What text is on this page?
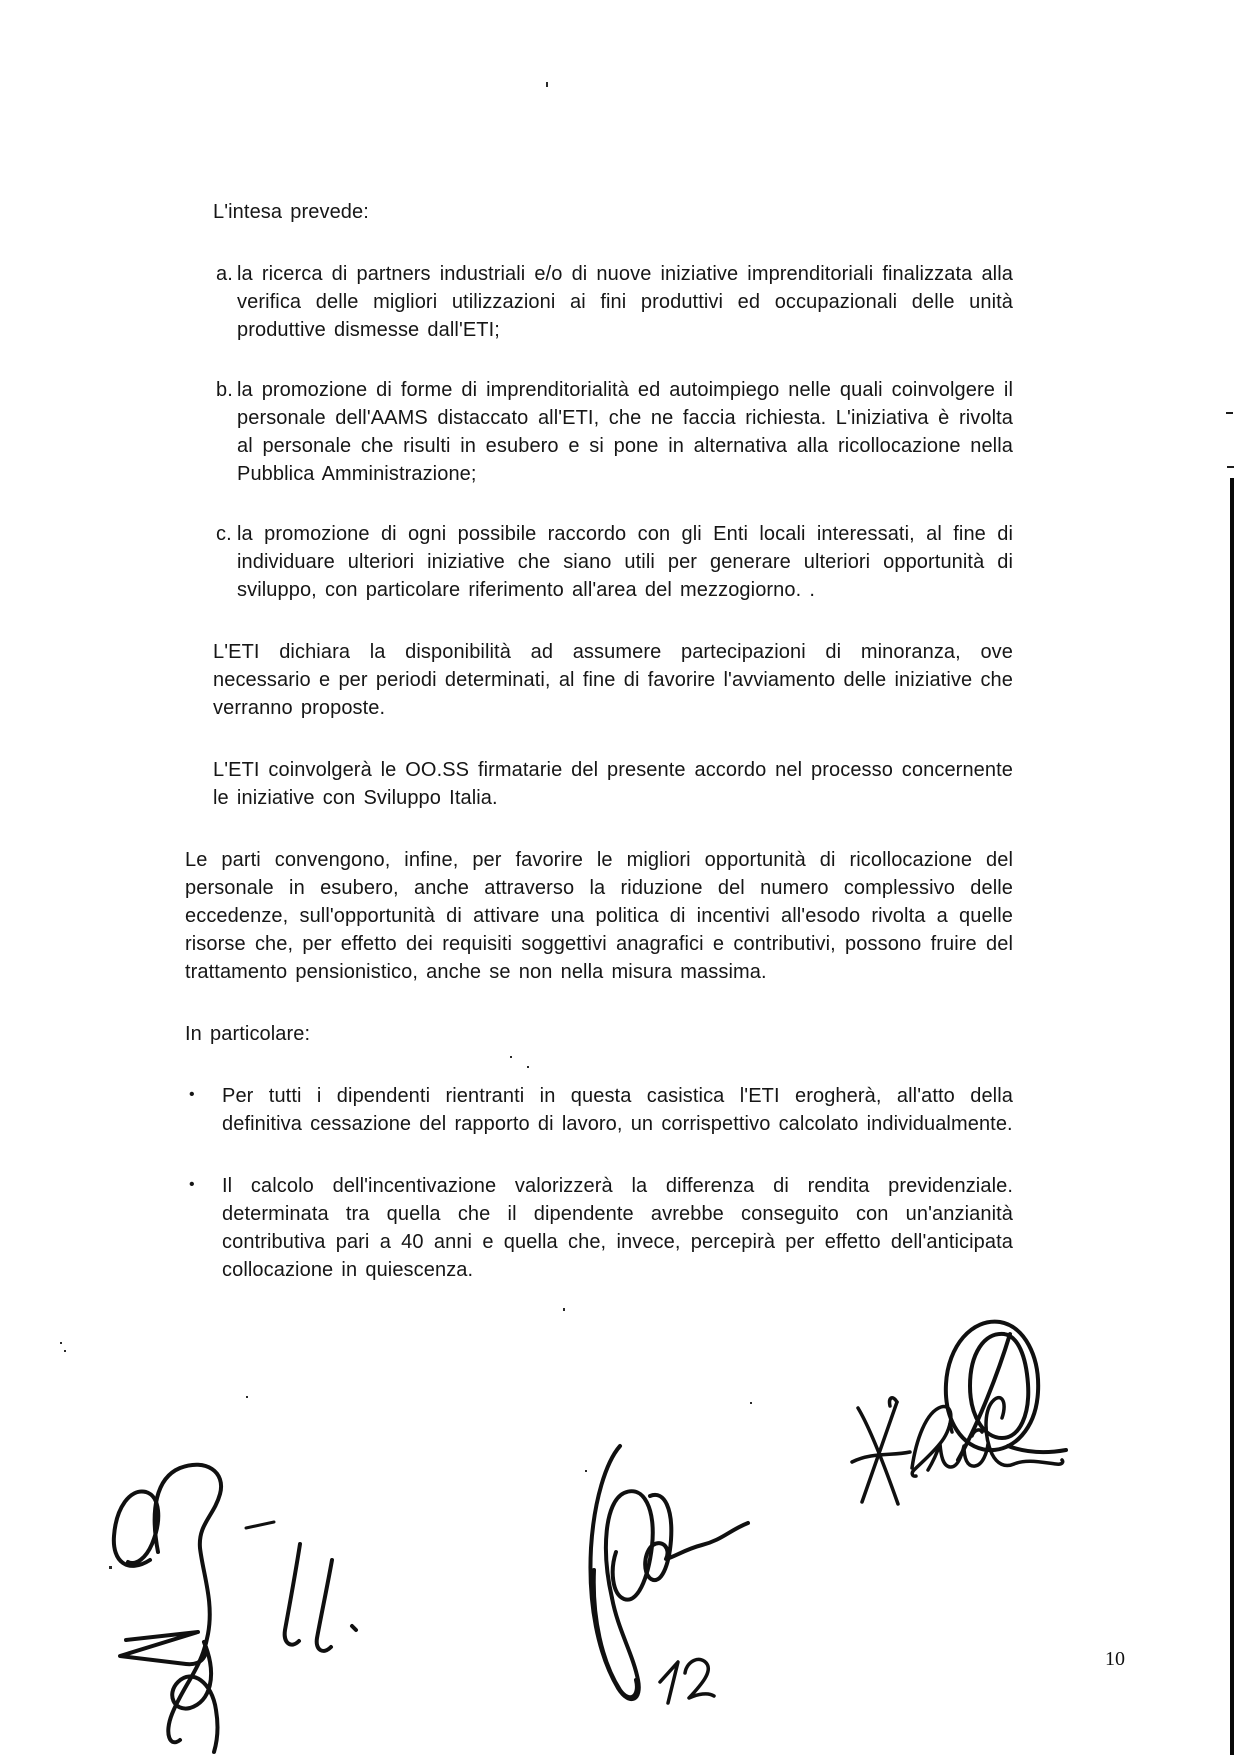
L'intesa prevede:

a. la ricerca di partners industriali e/o di nuove iniziative imprenditoriali finalizzata alla verifica delle migliori utilizzazioni ai fini produttivi ed occupazionali delle unità produttive dismesse dall'ETI;
b. la promozione di forme di imprenditorialità ed autoimpiego nelle quali coinvolgere il personale dell'AAMS distaccato all'ETI, che ne faccia richiesta. L'iniziativa è rivolta al personale che risulti in esubero e si pone in alternativa alla ricollocazione nella Pubblica Amministrazione;
c. la promozione di ogni possibile raccordo con gli Enti locali interessati, al fine di individuare ulteriori iniziative che siano utili per generare ulteriori opportunità di sviluppo, con particolare riferimento all'area del mezzogiorno. .

L'ETI dichiara la disponibilità ad assumere partecipazioni di minoranza, ove necessario e per periodi determinati, al fine di favorire l'avviamento delle iniziative che verranno proposte.

L'ETI coinvolgerà le OO.SS firmatarie del presente accordo nel processo concernente le iniziative con Sviluppo Italia.

Le parti convengono, infine, per favorire le migliori opportunità di ricollocazione del personale in esubero, anche attraverso la riduzione del numero complessivo delle eccedenze, sull'opportunità di attivare una politica di incentivi all'esodo rivolta a quelle risorse che, per effetto dei requisiti soggettivi anagrafici e contributivi, possono fruire del trattamento pensionistico, anche se non nella misura massima.

In particolare:

• Per tutti i dipendenti rientranti in questa casistica l'ETI erogherà, all'atto della definitiva cessazione del rapporto di lavoro, un corrispettivo calcolato individualmente.
• Il calcolo dell'incentivazione valorizzerà la differenza di rendita previdenziale. determinata tra quella che il dipendente avrebbe conseguito con un'anzianità contributiva pari a 40 anni e quella che, invece, percepirà per effetto dell'anticipata collocazione in quiescenza.
10
